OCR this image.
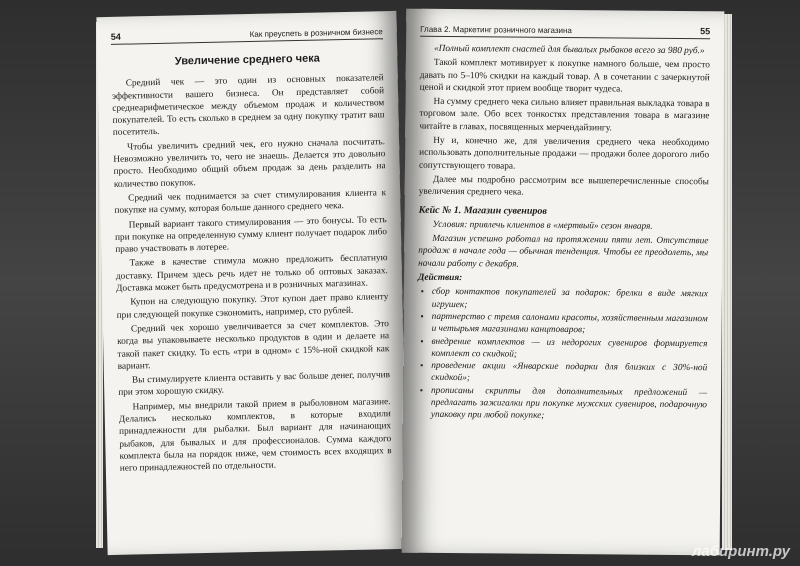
54	Как преуспеть в розничном бизнесе
Увеличение среднего чека

Средний чек — это один из основных показателей эффективности вашего бизнеса. Он представляет собой среднеарифметическое между объемом продаж и количеством покупателей. То есть сколько в среднем за одну покупку тратит ваш посетитель.

Чтобы увеличить средний чек, его нужно сначала посчитать. Невозможно увеличить то, чего не знаешь. Делается это довольно просто. Необходимо общий объем продаж за день разделить на количество покупок.

Средний чек поднимается за счет стимулирования клиента к покупке на сумму, которая больше данного среднего чека.

Первый вариант такого стимулирования — это бонусы. То есть при покупке на определенную сумму клиент получает подарок либо право участвовать в лотерее.

Также в качестве стимула можно предложить бесплатную доставку. Причем здесь речь идет не только об оптовых заказах. Доставка может быть предусмотрена и в розничных магазинах.

Купон на следующую покупку. Этот купон дает право клиенту при следующей покупке сэкономить, например, сто рублей.

Средний чек хорошо увеличивается за счет комплектов. Это когда вы упаковываете несколько продуктов в один и делаете на такой пакет скидку. То есть «три в одном» с 15%-ной скидкой как вариант.

Вы стимулируете клиента оставить у вас больше денег, получив при этом хорошую скидку.

Например, мы внедрили такой прием в рыболовном магазине. Делались несколько комплектов, в которые входили принадлежности для рыбалки. Был вариант для начинающих рыбаков, для бывалых и для профессионалов. Сумма каждого комплекта была на порядок ниже, чем стоимость всех входящих в него принадлежностей по отдельности.

Глава 2. Маркетинг розничного магазина	55

«Полный комплект снастей для бывалых рыбаков всего за 980 руб.»

Такой комплект мотивирует к покупке намного больше, чем просто давать по 5–10% скидки на каждый товар. А в сочетании с зачеркнутой ценой и скидкой этот прием вообще творит чудеса.

На сумму среднего чека сильно влияет правильная выкладка товара в торговом зале. Обо всех тонкостях представления товара в магазине читайте в главах, посвященных мерчендайзингу.

Ну и, конечно же, для увеличения среднего чека необходимо использовать дополнительные продажи — продажи более дорогого либо сопутствующего товара.

Далее мы подробно рассмотрим все вышеперечисленные способы увеличения среднего чека.

Кейс № 1. Магазин сувениров

Условия: привлечь клиентов в «мертвый» сезон января.

Магазин успешно работал на протяжении пяти лет. Отсутствие продаж в начале года — обычная тенденция. Чтобы ее преодолеть, мы начали работу с декабря.

Действия:

▪ сбор контактов покупателей за подарок: брелки в виде мягких игрушек;
▪ партнерство с тремя салонами красоты, хозяйственным магазином и четырьмя магазинами канцтоваров;
▪ внедрение комплектов — из недорогих сувениров формируется комплект со скидкой;
▪ проведение акции «Январские подарки для близких с 30%-ной скидкой»;
▪ прописаны скрипты для дополнительных предложений — предлагать зажигалки при покупке мужских сувениров, подарочную упаковку при любой покупке;
лабиринт.ру
